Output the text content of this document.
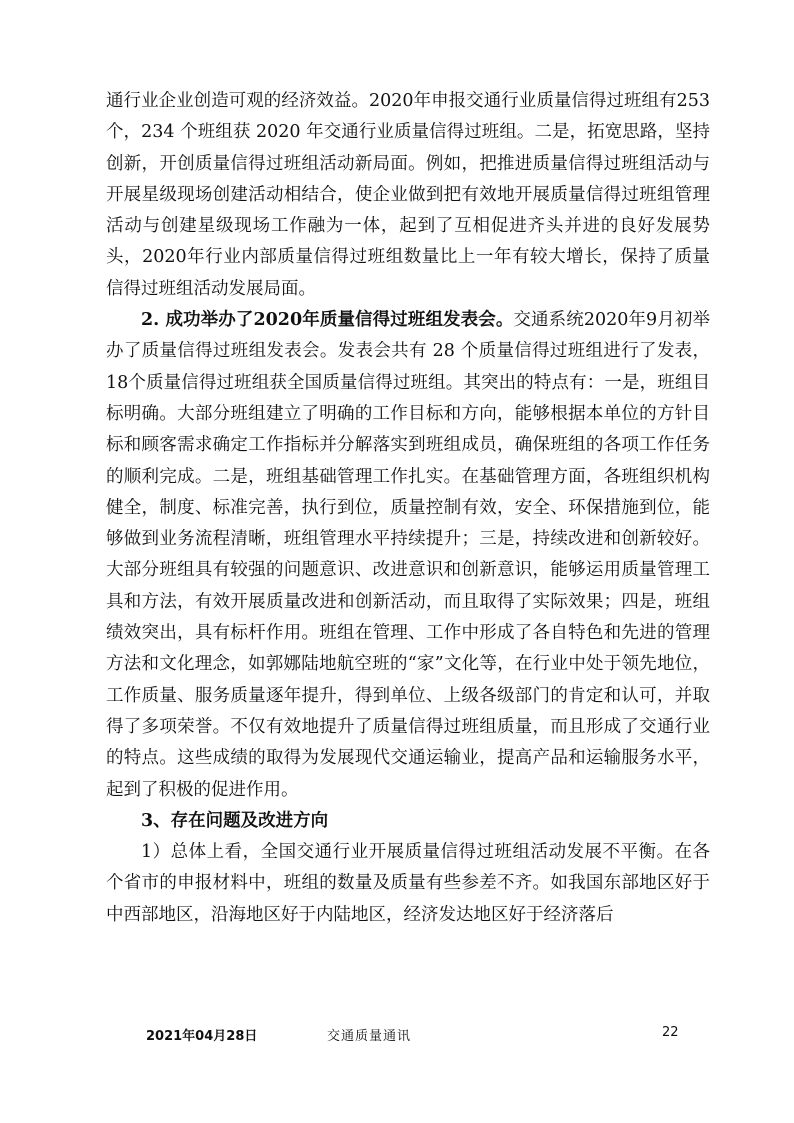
通行业企业创造可观的经济效益。2020年申报交通行业质量信得过班组有253 个，234 个班组获 2020 年交通行业质量信得过班组。二是，拓宽思路，坚持创新，开创质量信得过班组活动新局面。例如，把推进质量信得过班组活动与开展星级现场创建活动相结合，使企业做到把有效地开展质量信得过班组管理活动与创建星级现场工作融为一体，起到了互相促进齐头并进的良好发展势头，2020年行业内部质量信得过班组数量比上一年有较大增长，保持了质量信得过班组活动发展局面。

2. 成功举办了2020年质量信得过班组发表会。交通系统2020年9月初举办了质量信得过班组发表会。发表会共有 28 个质量信得过班组进行了发表，18个质量信得过班组获全国质量信得过班组。其突出的特点有：一是，班组目标明确。大部分班组建立了明确的工作目标和方向，能够根据本单位的方针目标和顾客需求确定工作指标并分解落实到班组成员，确保班组的各项工作任务的顺利完成。二是，班组基础管理工作扎实。在基础管理方面，各班组织机构健全，制度、标准完善，执行到位，质量控制有效，安全、环保措施到位，能够做到业务流程清晰，班组管理水平持续提升；三是，持续改进和创新较好。大部分班组具有较强的问题意识、改进意识和创新意识，能够运用质量管理工具和方法，有效开展质量改进和创新活动，而且取得了实际效果；四是，班组绩效突出，具有标杆作用。班组在管理、工作中形成了各自特色和先进的管理方法和文化理念，如郭娜陆地航空班的“家”文化等，在行业中处于领先地位，工作质量、服务质量逐年提升，得到单位、上级各级部门的肯定和认可，并取得了多项荣誉。不仅有效地提升了质量信得过班组质量，而且形成了交通行业的特点。这些成绩的取得为发展现代交通运输业，提高产品和运输服务水平，起到了积极的促进作用。

3、存在问题及改进方向

1）总体上看，全国交通行业开展质量信得过班组活动发展不平衡。在各个省市的申报材料中，班组的数量及质量有些参差不齐。如我国东部地区好于中西部地区，沿海地区好于内陆地区，经济发达地区好于经济落后

2021年04月28日	交通质量通讯	22
